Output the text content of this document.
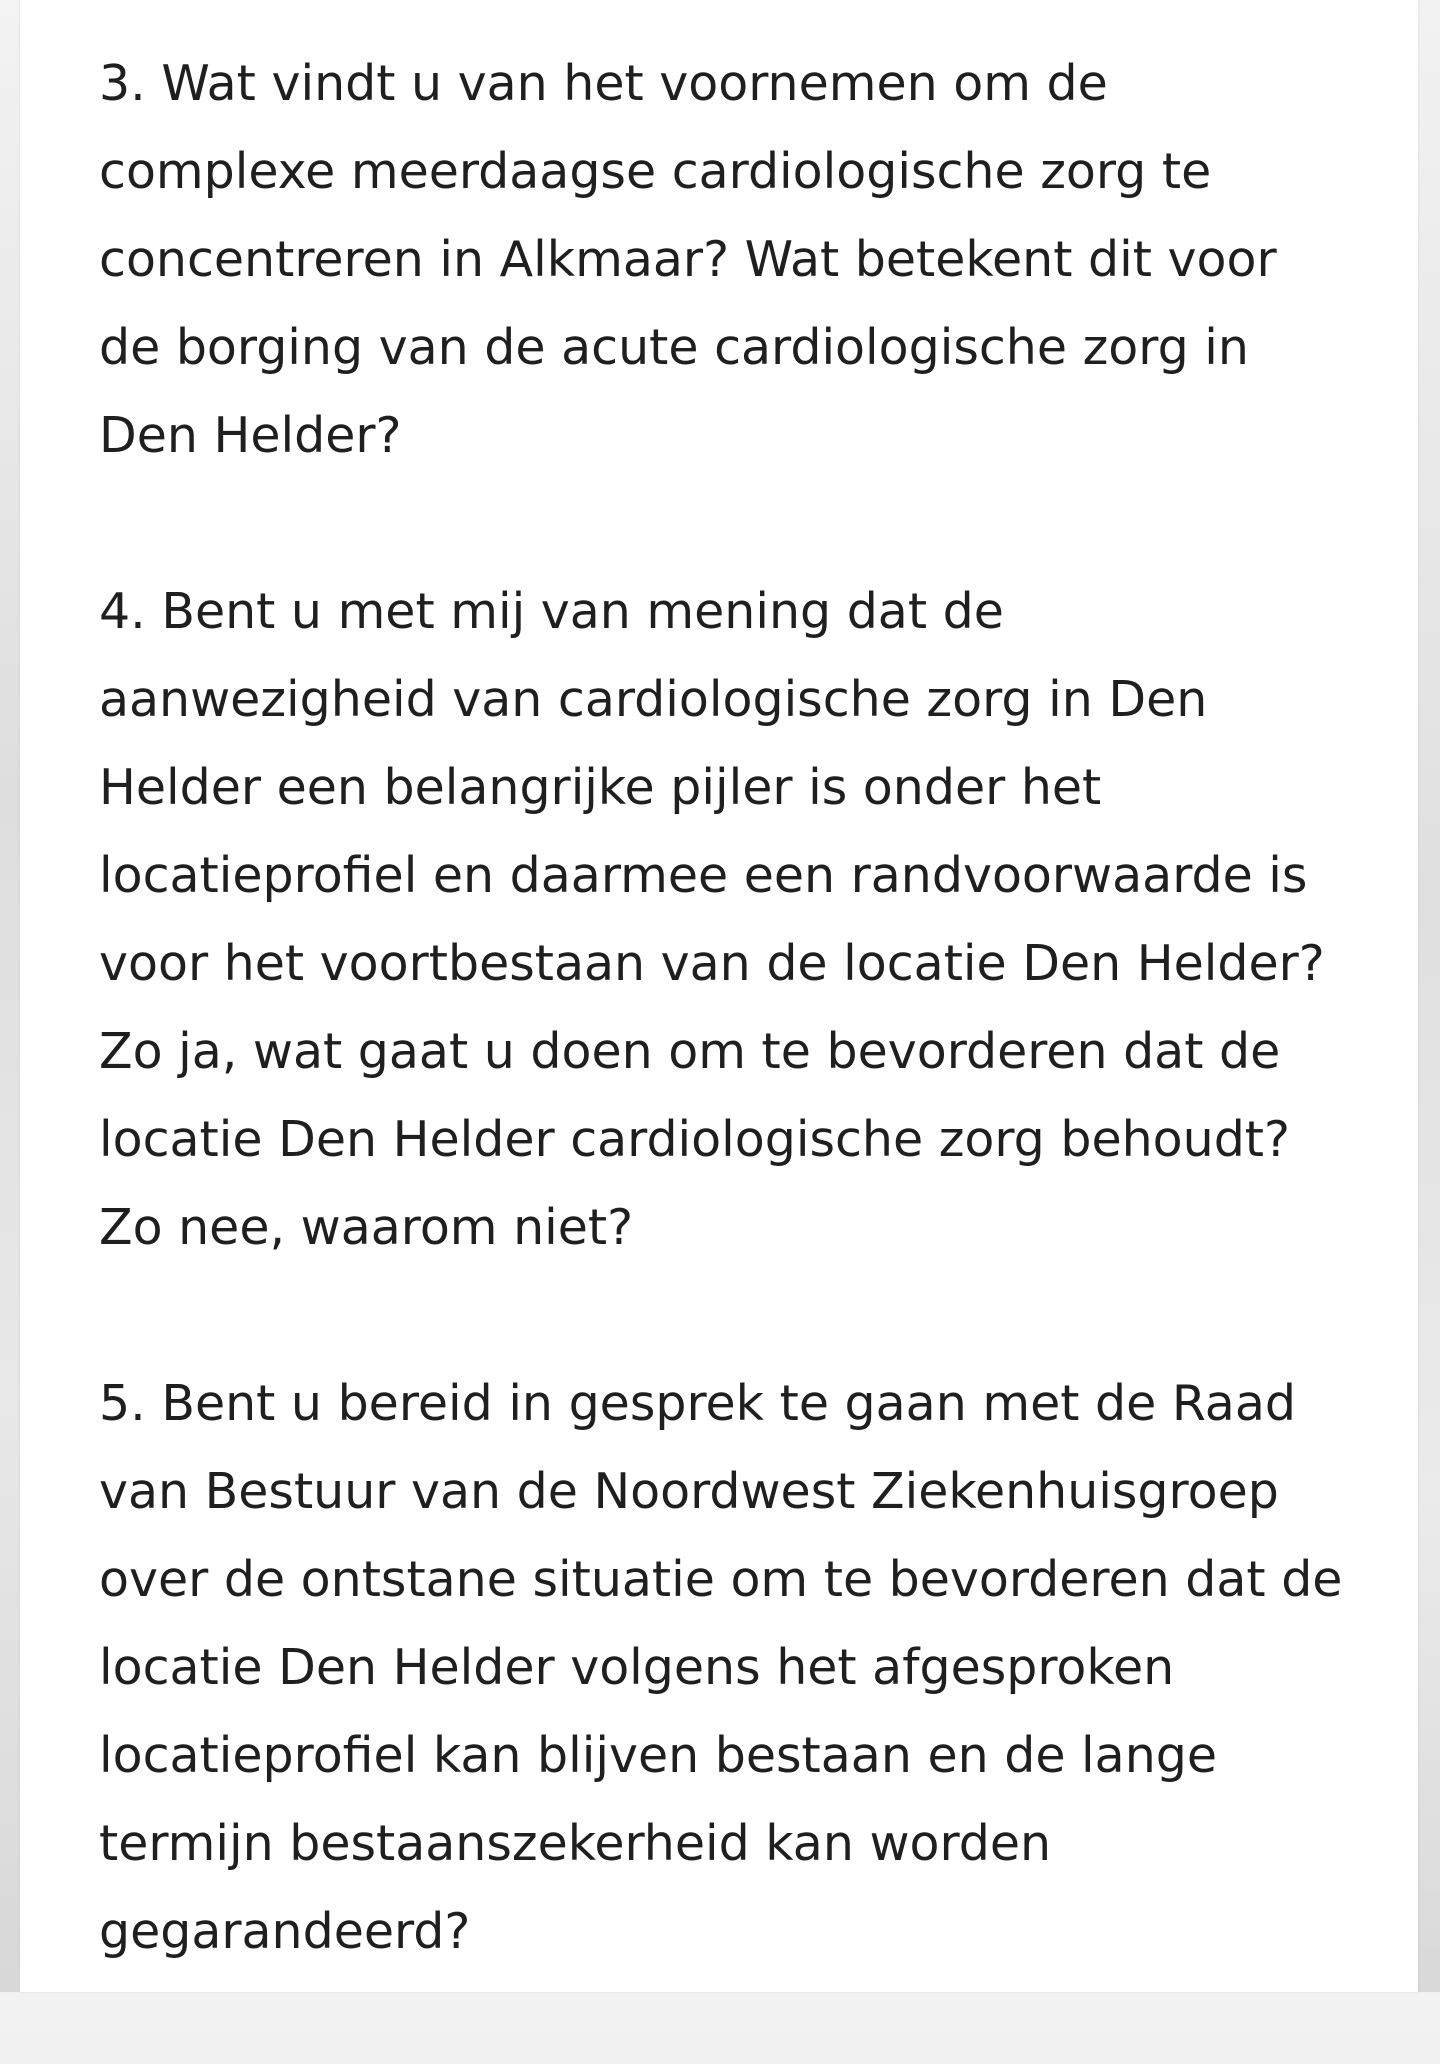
3. Wat vindt u van het voornemen om de
complexe meerdaagse cardiologische zorg te
concentreren in Alkmaar? Wat betekent dit voor
de borging van de acute cardiologische zorg in
Den Helder?
4. Bent u met mij van mening dat de
aanwezigheid van cardiologische zorg in Den
Helder een belangrijke pijler is onder het
locatieprofiel en daarmee een randvoorwaarde is
voor het voortbestaan van de locatie Den Helder?
Zo ja, wat gaat u doen om te bevorderen dat de
locatie Den Helder cardiologische zorg behoudt?
Zo nee, waarom niet?
5. Bent u bereid in gesprek te gaan met de Raad
van Bestuur van de Noordwest Ziekenhuisgroep
over de ontstane situatie om te bevorderen dat de
locatie Den Helder volgens het afgesproken
locatieprofiel kan blijven bestaan en de lange
termijn bestaanszekerheid kan worden
gegarandeerd?
